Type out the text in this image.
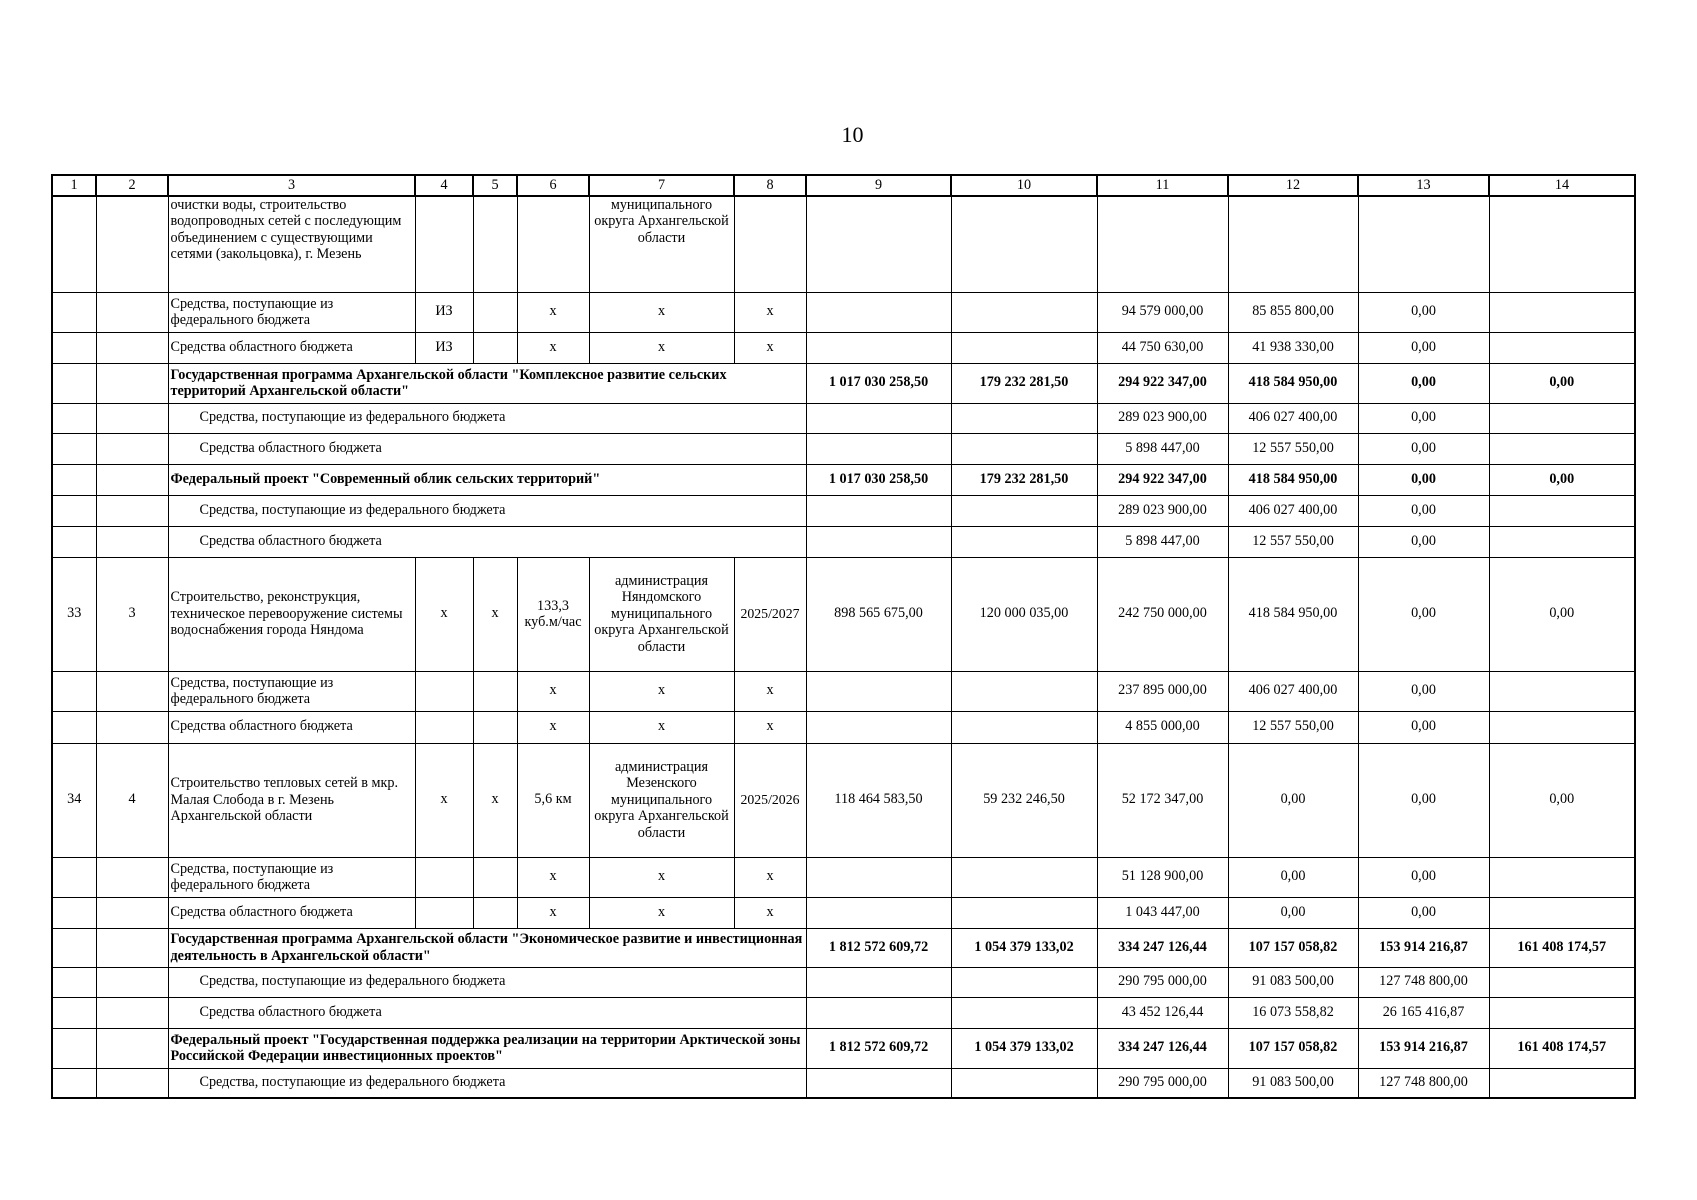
10
1	2	3	4	5	6	7	8	9	10	11	12	13	14
		очистки воды, строительство водопроводных сетей с последующим объединением с существующими сетями (закольцовка), г. Мезень				муниципального округа Архангельской области							
		Средства, поступающие из федерального бюджета	ИЗ		х	х	х			94 579 000,00	85 855 800,00	0,00	
		Средства областного бюджета	ИЗ		х	х	х			44 750 630,00	41 938 330,00	0,00	
		Государственная программа Архангельской области "Комплексное развитие сельских территорий Архангельской области"						1 017 030 258,50	179 232 281,50	294 922 347,00	418 584 950,00	0,00	0,00
		Средства, поступающие из федерального бюджета								289 023 900,00	406 027 400,00	0,00	
		Средства областного бюджета								5 898 447,00	12 557 550,00	0,00	
		Федеральный проект "Современный облик сельских территорий"						1 017 030 258,50	179 232 281,50	294 922 347,00	418 584 950,00	0,00	0,00
		Средства, поступающие из федерального бюджета								289 023 900,00	406 027 400,00	0,00	
		Средства областного бюджета								5 898 447,00	12 557 550,00	0,00	
33	3	Строительство, реконструкция, техническое перевооружение системы водоснабжения города Няндома	х	х	133,3 куб.м/час	администрация Няндомского муниципального округа Архангельской области	2025/2027	898 565 675,00	120 000 035,00	242 750 000,00	418 584 950,00	0,00	0,00
		Средства, поступающие из федерального бюджета			х	х	х			237 895 000,00	406 027 400,00	0,00	
		Средства областного бюджета			х	х	х			4 855 000,00	12 557 550,00	0,00	
34	4	Строительство тепловых сетей в мкр. Малая Слобода в г. Мезень Архангельской области	х	х	5,6 км	администрация Мезенского муниципального округа Архангельской области	2025/2026	118 464 583,50	59 232 246,50	52 172 347,00	0,00	0,00	0,00
		Средства, поступающие из федерального бюджета			х	х	х			51 128 900,00	0,00	0,00	
		Средства областного бюджета			х	х	х			1 043 447,00	0,00	0,00	
		Государственная программа Архангельской области "Экономическое развитие и инвестиционная деятельность в Архангельской области"						1 812 572 609,72	1 054 379 133,02	334 247 126,44	107 157 058,82	153 914 216,87	161 408 174,57
		Средства, поступающие из федерального бюджета								290 795 000,00	91 083 500,00	127 748 800,00	
		Средства областного бюджета								43 452 126,44	16 073 558,82	26 165 416,87	
		Федеральный проект "Государственная поддержка реализации на территории Арктической зоны Российской Федерации инвестиционных проектов"						1 812 572 609,72	1 054 379 133,02	334 247 126,44	107 157 058,82	153 914 216,87	161 408 174,57
		Средства, поступающие из федерального бюджета								290 795 000,00	91 083 500,00	127 748 800,00	
